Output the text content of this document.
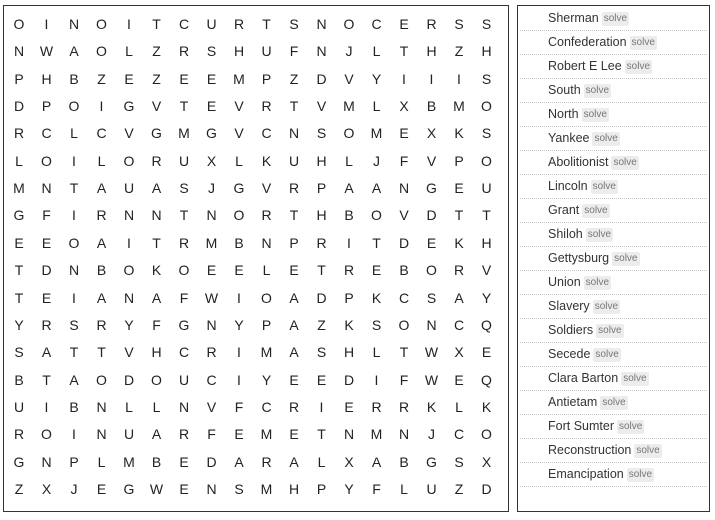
O	I	N	O	I	T	C	U	R	T	S	N	O	C	E	R	S	S
N	W	A	O	L	Z	R	S	H	U	F	N	J	L	T	H	Z	H
P	H	B	Z	E	Z	E	E	M	P	Z	D	V	Y	I	I	I	S
D	P	O	I	G	V	T	E	V	R	T	V	M	L	X	B	M	O
R	C	L	C	V	G	M	G	V	C	N	S	O	M	E	X	K	S
L	O	I	L	O	R	U	X	L	K	U	H	L	J	F	V	P	O
M	N	T	A	U	A	S	J	G	V	R	P	A	A	N	G	E	U
G	F	I	R	N	N	T	N	O	R	T	H	B	O	V	D	T	T
E	E	O	A	I	T	R	M	B	N	P	R	I	T	D	E	K	H
T	D	N	B	O	K	O	E	E	L	E	T	R	E	B	O	R	V
T	E	I	A	N	A	F	W	I	O	A	D	P	K	C	S	A	Y
Y	R	S	R	Y	F	G	N	Y	P	A	Z	K	S	O	N	C	Q
S	A	T	T	V	H	C	R	I	M	A	S	H	L	T	W	X	E
B	T	A	O	D	O	U	C	I	Y	E	E	D	I	F	W	E	Q
U	I	B	N	L	L	N	V	F	C	R	I	E	R	R	K	L	K
R	O	I	N	U	A	R	F	E	M	E	T	N	M	N	J	C	O
G	N	P	L	M	B	E	D	A	R	A	L	X	A	B	G	S	X
Z	X	J	E	G	W	E	N	S	M	H	P	Y	F	L	U	Z	D
Sherman solve
Confederation solve
Robert E Lee solve
South solve
North solve
Yankee solve
Abolitionist solve
Lincoln solve
Grant solve
Shiloh solve
Gettysburg solve
Union solve
Slavery solve
Soldiers solve
Secede solve
Clara Barton solve
Antietam solve
Fort Sumter solve
Reconstruction solve
Emancipation solve
